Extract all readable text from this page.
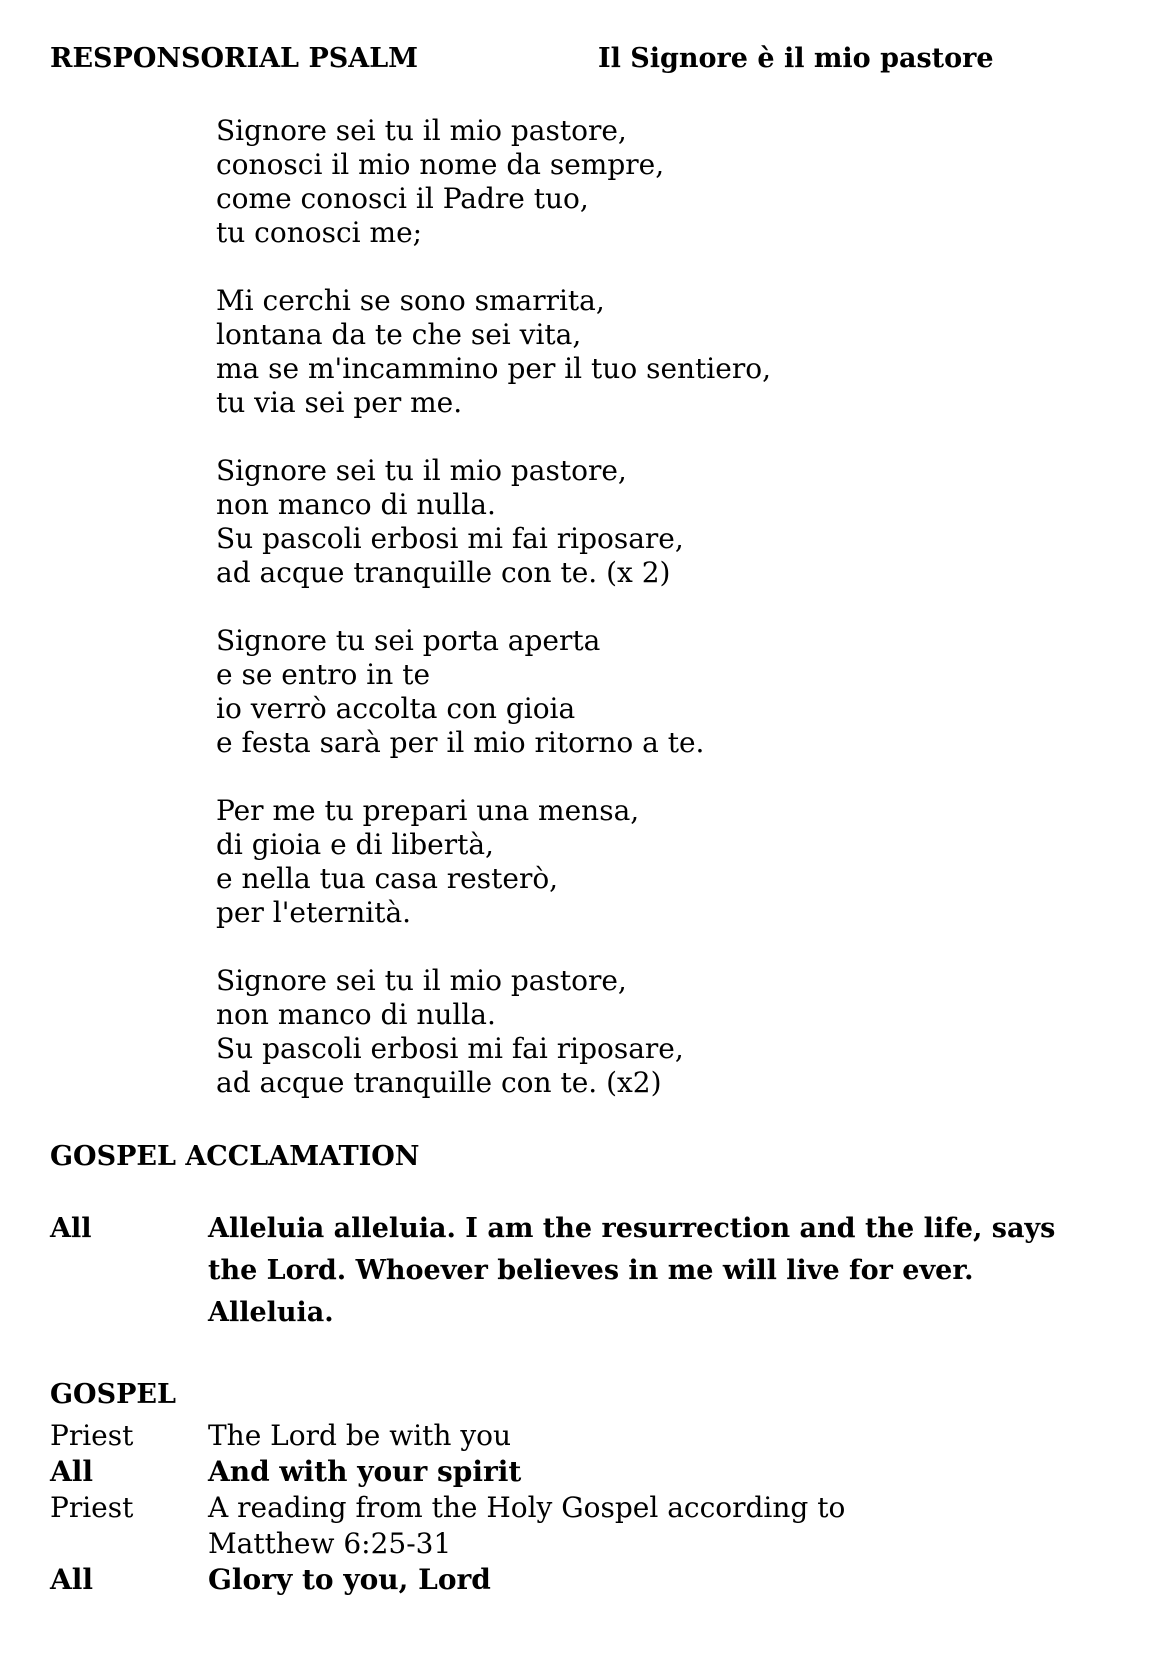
RESPONSORIAL PSALM	Il Signore è il mio pastore
Signore sei tu il mio pastore,
conosci il mio nome da sempre,
come conosci il Padre tuo,
tu conosci me;
Mi cerchi se sono smarrita,
lontana da te che sei vita,
ma se m'incammino per il tuo sentiero,
tu via sei per me.
Signore sei tu il mio pastore,
non manco di nulla.
Su pascoli erbosi mi fai riposare,
ad acque tranquille con te. (x 2)
Signore tu sei porta aperta
e se entro in te
io verrò accolta con gioia
e festa sarà per il mio ritorno a te.
Per me tu prepari una mensa,
di gioia e di libertà,
e nella tua casa resterò,
per l'eternità.
Signore sei tu il mio pastore,
non manco di nulla.
Su pascoli erbosi mi fai riposare,
ad acque tranquille con te. (x2)
GOSPEL ACCLAMATION
All	Alleluia alleluia. I am the resurrection and the life, says
the Lord. Whoever believes in me will live for ever.
Alleluia.
GOSPEL
Priest	The Lord be with you
All	And with your spirit
Priest	A reading from the Holy Gospel according to
Matthew 6:25-31
All	Glory to you, Lord
